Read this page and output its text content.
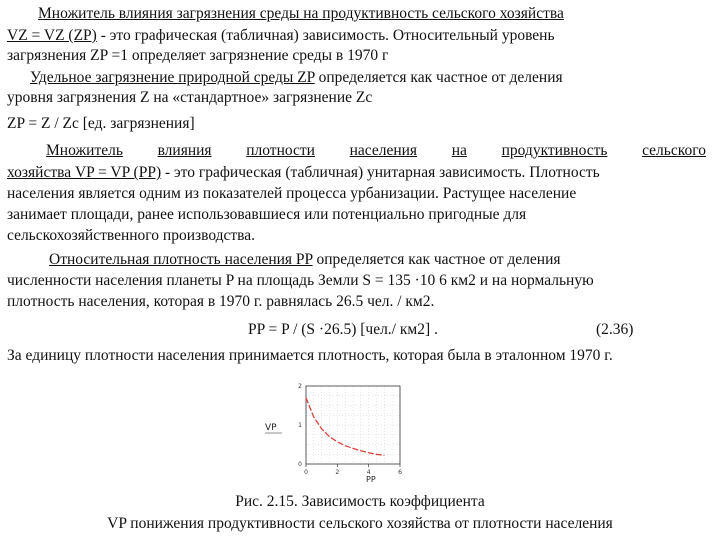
Множитель влияния загрязнения среды на продуктивность сельского хозяйства
VZ = VZ (ZP) - это графическая (табличная) зависимость. Относительный уровень
загрязнения ZP =1 определяет загрязнение среды в 1970 г
Удельное загрязнение природной среды ZP определяется как частное от деления
уровня загрязнения Z на «стандартное» загрязнение Zc
ZP = Z / Zc [ед. загрязнения]
Множитель влияния плотности населения на продуктивность сельского
хозяйства VP = VP (PP) - это графическая (табличная) унитарная зависимость. Плотность
населения является одним из показателей процесса урбанизации. Растущее население
занимает площади, ранее использовавшиеся или потенциально пригодные для
сельскохозяйственного производства.
Относительная плотность населения PP определяется как частное от деления
численности населения планеты P на площадь Земли S = 135 ·10 6 км2 и на нормальную
плотность населения, которая в 1970 г. равнялась 26.5 чел. / км2.
PP = P / (S ·26.5) [чел./ км2] .	(2.36)
За единицу плотности населения принимается плотность, которая была в эталонном 1970 г.
VP
PP
0	2	4	6
0
1
2
Рис. 2.15. Зависимость коэффициента
VP понижения продуктивности сельского хозяйства от плотности населения
